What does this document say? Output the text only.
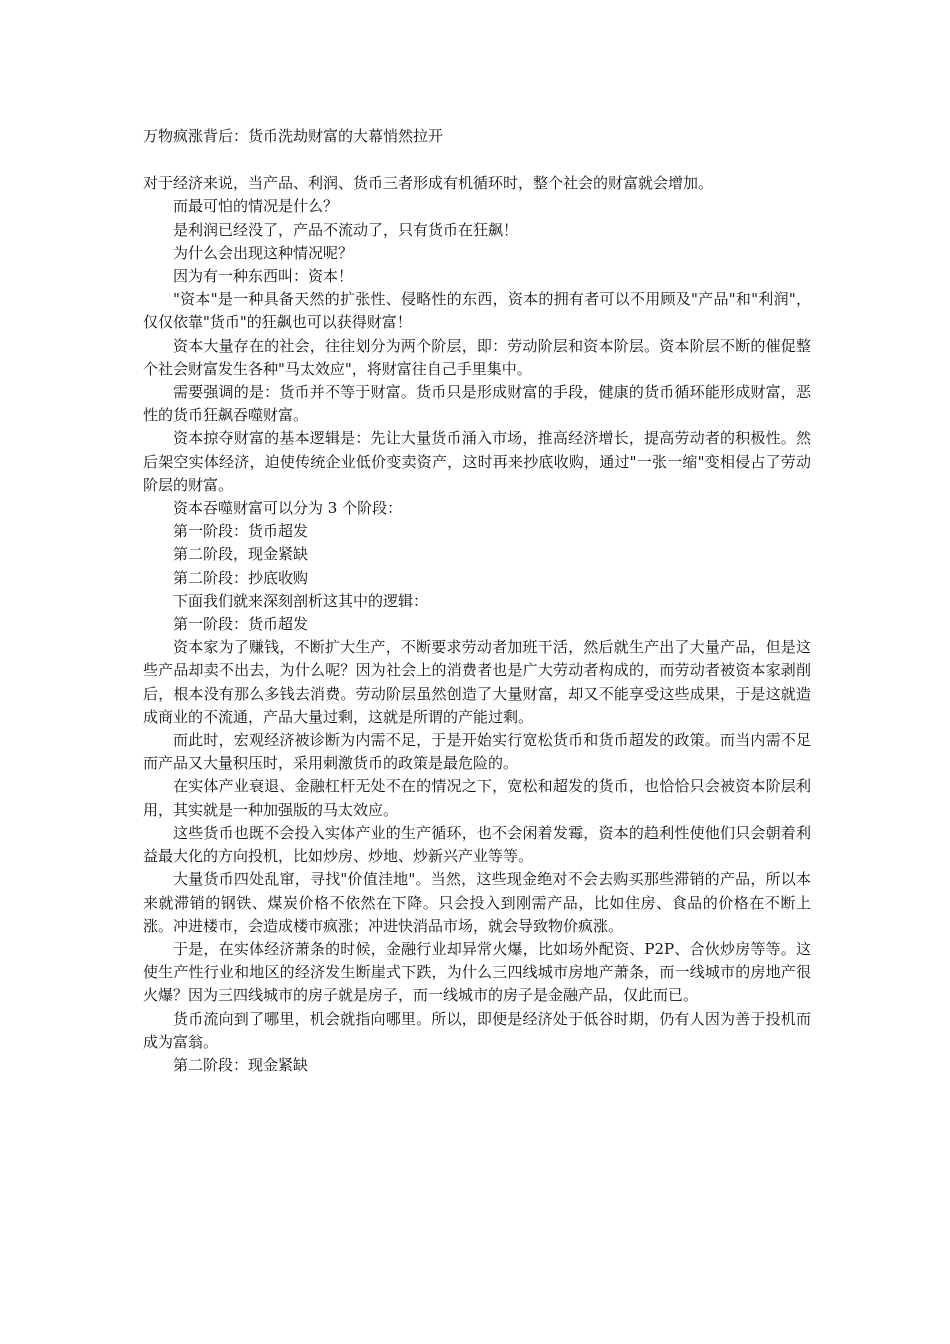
万物疯涨背后：货币洗劫财富的大幕悄然拉开

对于经济来说，当产品、利润、货币三者形成有机循环时，整个社会的财富就会增加。

而最可怕的情况是什么？

是利润已经没了，产品不流动了，只有货币在狂飙！

为什么会出现这种情况呢？

因为有一种东西叫：资本！

"资本"是一种具备天然的扩张性、侵略性的东西，资本的拥有者可以不用顾及"产品"和"利润"，仅仅依靠"货币"的狂飙也可以获得财富！

资本大量存在的社会，往往划分为两个阶层，即：劳动阶层和资本阶层。资本阶层不断的催促整个社会财富发生各种"马太效应"，将财富往自己手里集中。

需要强调的是：货币并不等于财富。货币只是形成财富的手段，健康的货币循环能形成财富，恶性的货币狂飙吞噬财富。

资本掠夺财富的基本逻辑是：先让大量货币涌入市场，推高经济增长，提高劳动者的积极性。然后架空实体经济，迫使传统企业低价变卖资产，这时再来抄底收购，通过"一张一缩"变相侵占了劳动阶层的财富。

资本吞噬财富可以分为 3 个阶段：

第一阶段：货币超发

第二阶段，现金紧缺

第二阶段：抄底收购

下面我们就来深刻剖析这其中的逻辑：

第一阶段：货币超发

资本家为了赚钱，不断扩大生产，不断要求劳动者加班干活，然后就生产出了大量产品，但是这些产品却卖不出去，为什么呢？因为社会上的消费者也是广大劳动者构成的，而劳动者被资本家剥削后，根本没有那么多钱去消费。劳动阶层虽然创造了大量财富，却又不能享受这些成果，于是这就造成商业的不流通，产品大量过剩，这就是所谓的产能过剩。

而此时，宏观经济被诊断为内需不足，于是开始实行宽松货币和货币超发的政策。而当内需不足而产品又大量积压时，采用刺激货币的政策是最危险的。

在实体产业衰退、金融杠杆无处不在的情况之下，宽松和超发的货币，也恰恰只会被资本阶层利用，其实就是一种加强版的马太效应。

这些货币也既不会投入实体产业的生产循环，也不会闲着发霉，资本的趋利性使他们只会朝着利益最大化的方向投机，比如炒房、炒地、炒新兴产业等等。

大量货币四处乱窜，寻找"价值洼地"。当然，这些现金绝对不会去购买那些滞销的产品，所以本来就滞销的钢铁、煤炭价格不依然在下降。只会投入到刚需产品，比如住房、食品的价格在不断上涨。冲进楼市，会造成楼市疯涨；冲进快消品市场，就会导致物价疯涨。

于是，在实体经济萧条的时候，金融行业却异常火爆，比如场外配资、P2P、合伙炒房等等。这使生产性行业和地区的经济发生断崖式下跌，为什么三四线城市房地产萧条，而一线城市的房地产很火爆？因为三四线城市的房子就是房子，而一线城市的房子是金融产品，仅此而已。

货币流向到了哪里，机会就指向哪里。所以，即便是经济处于低谷时期，仍有人因为善于投机而成为富翁。

第二阶段：现金紧缺
